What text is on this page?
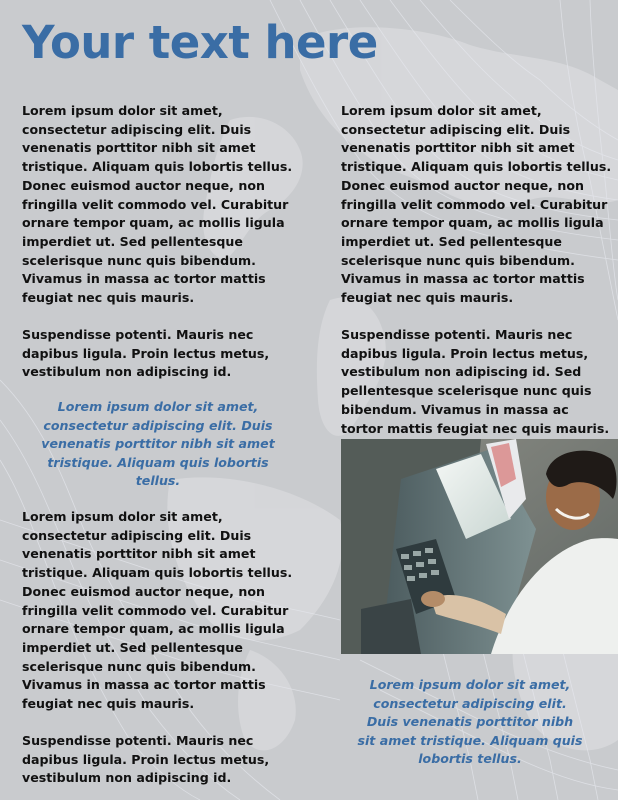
Your text here

Lorem ipsum dolor sit amet, consectetur adipiscing elit. Duis venenatis porttitor nibh sit amet tristique. Aliquam quis lobortis tellus. Donec euismod auctor neque, non fringilla velit commodo vel. Curabitur ornare tempor quam, ac mollis ligula imperdiet ut. Sed pellentesque scelerisque nunc quis bibendum. Vivamus in massa ac tortor mattis feugiat nec quis mauris.

Suspendisse potenti. Mauris nec dapibus ligula. Proin lectus metus, vestibulum non adipiscing id.

Lorem ipsum dolor sit amet, consectetur adipiscing elit. Duis venenatis porttitor nibh sit amet tristique. Aliquam quis lobortis tellus.

Lorem ipsum dolor sit amet, consectetur adipiscing elit. Duis venenatis porttitor nibh sit amet tristique. Aliquam quis lobortis tellus. Donec euismod auctor neque, non fringilla velit commodo vel. Curabitur ornare tempor quam, ac mollis ligula imperdiet ut. Sed pellentesque scelerisque nunc quis bibendum. Vivamus in massa ac tortor mattis feugiat nec quis mauris.

Suspendisse potenti. Mauris nec dapibus ligula. Proin lectus metus, vestibulum non adipiscing id.

Lorem ipsum dolor sit amet, consectetur adipiscing elit. Duis venenatis porttitor nibh sit amet tristique. Aliquam quis lobortis tellus. Donec euismod auctor neque, non fringilla velit commodo vel. Curabitur ornare tempor quam, ac mollis ligula imperdiet ut. Sed pellentesque scelerisque nunc quis bibendum. Vivamus in massa ac tortor mattis feugiat nec quis mauris.

Suspendisse potenti. Mauris nec dapibus ligula. Proin lectus metus, vestibulum non adipiscing id. Sed pellentesque scelerisque nunc quis bibendum. Vivamus in massa ac tortor mattis feugiat nec quis mauris.

Lorem ipsum dolor sit amet, consectetur adipiscing elit. Duis venenatis porttitor nibh sit amet tristique. Aliquam quis lobortis tellus.
